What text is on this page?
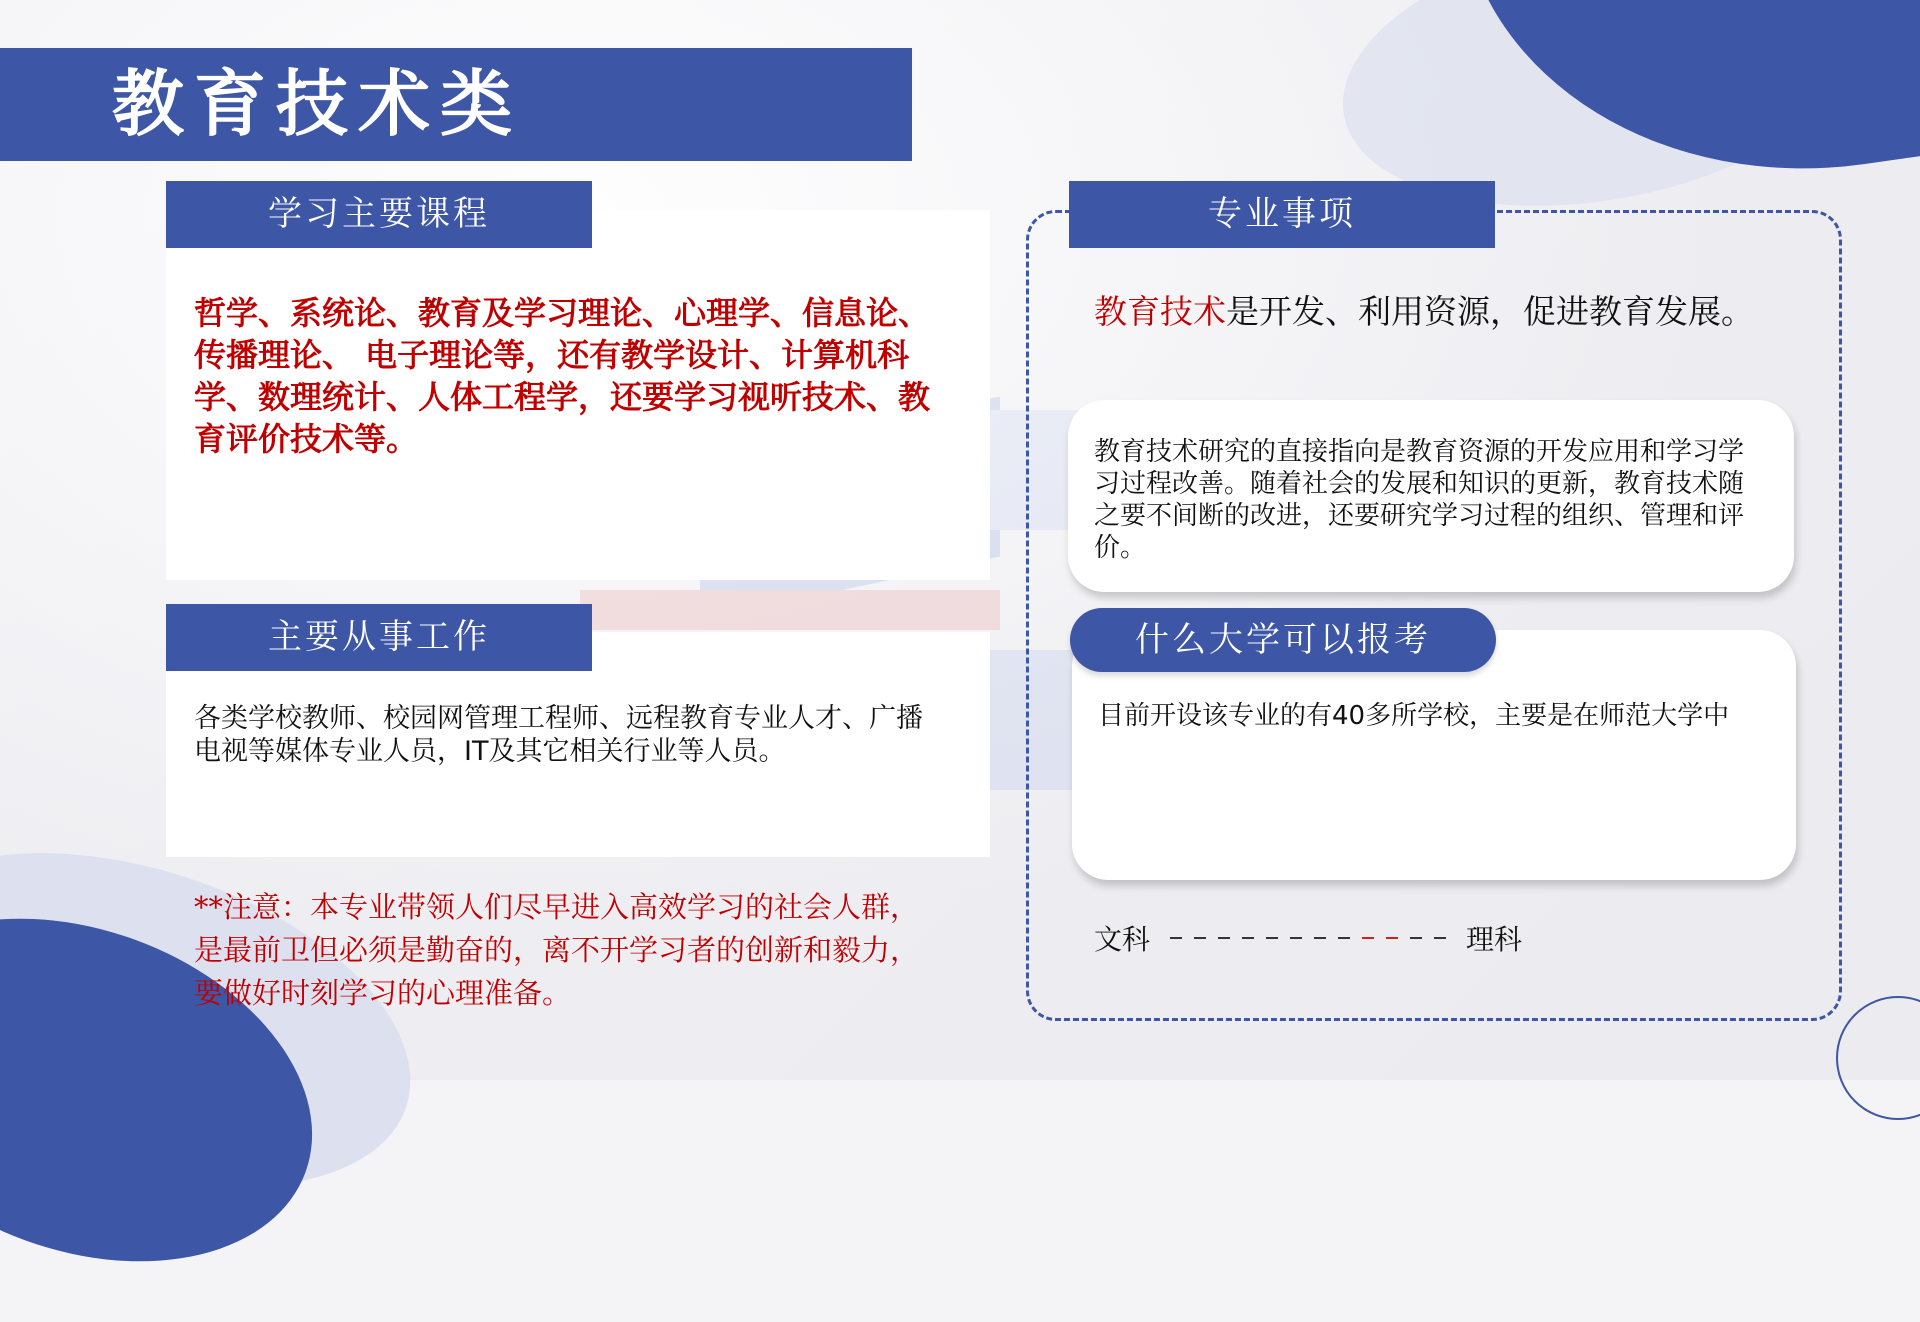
教育技术类
学习主要课程
哲学、系统论、教育及学习理论、心理学、信息论、传播理论、 电子理论等，还有教学设计、计算机科学、数理统计、人体工程学，还要学习视听技术、教育评价技术等。
主要从事工作
各类学校教师、校园网管理工程师、远程教育专业人才、广播电视等媒体专业人员，IT及其它相关行业等人员。
**注意：本专业带领人们尽早进入高效学习的社会人群，是最前卫但必须是勤奋的，离不开学习者的创新和毅力，要做好时刻学习的心理准备。
专业事项
教育技术是开发、利用资源，促进教育发展。
教育技术研究的直接指向是教育资源的开发应用和学习学习过程改善。随着社会的发展和知识的更新，教育技术随之要不间断的改进，还要研究学习过程的组织、管理和评价。
目前开设该专业的有40多所学校，主要是在师范大学中
什么大学可以报考
文科	理科
